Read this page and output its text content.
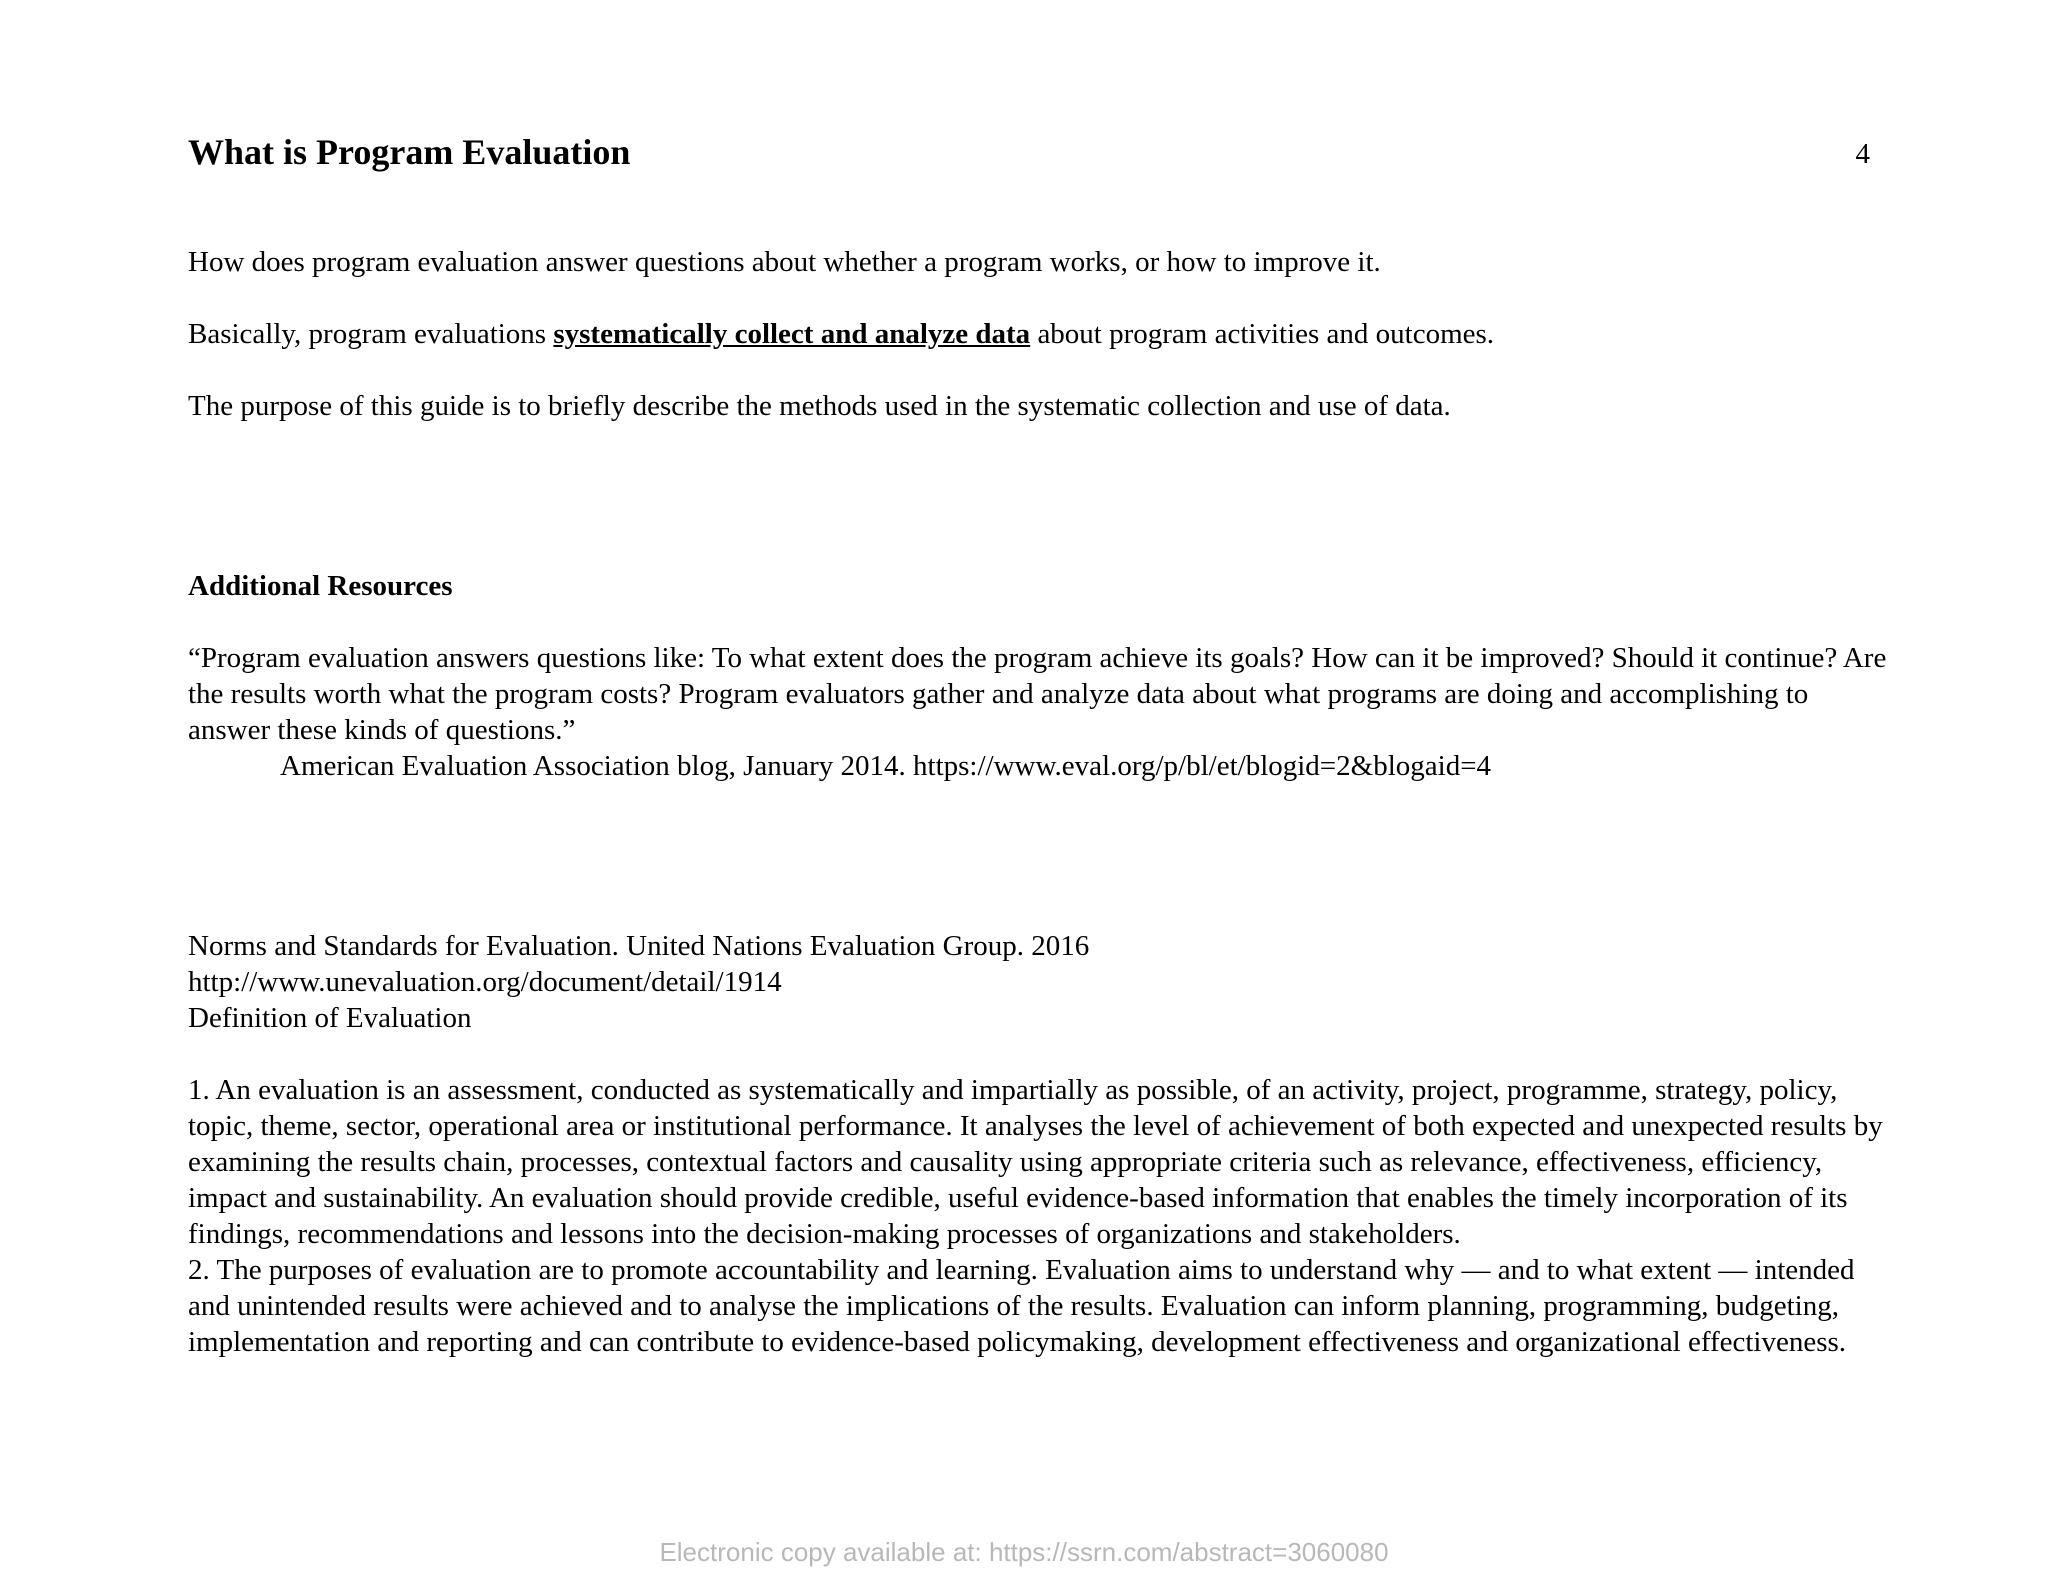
What is Program Evaluation	4

How does program evaluation answer questions about whether a program works, or how to improve it.

Basically, program evaluations systematically collect and analyze data about program activities and outcomes.

The purpose of this guide is to briefly describe the methods used in the systematic collection and use of data.

Additional Resources

“Program evaluation answers questions like: To what extent does the program achieve its goals? How can it be improved? Should it continue? Are the results worth what the program costs? Program evaluators gather and analyze data about what programs are doing and accomplishing to answer these kinds of questions.”

American Evaluation Association blog, January 2014. https://www.eval.org/p/bl/et/blogid=2&blogaid=4

Norms and Standards for Evaluation. United Nations Evaluation Group. 2016

http://www.unevaluation.org/document/detail/1914

Definition of Evaluation

1. An evaluation is an assessment, conducted as systematically and impartially as possible, of an activity, project, programme, strategy, policy, topic, theme, sector, operational area or institutional performance. It analyses the level of achievement of both expected and unexpected results by examining the results chain, processes, contextual factors and causality using appropriate criteria such as relevance, effectiveness, efficiency, impact and sustainability. An evaluation should provide credible, useful evidence-based information that enables the timely incorporation of its findings, recommendations and lessons into the decision-making processes of organizations and stakeholders.

2. The purposes of evaluation are to promote accountability and learning. Evaluation aims to understand why — and to what extent — intended and unintended results were achieved and to analyse the implications of the results. Evaluation can inform planning, programming, budgeting, implementation and reporting and can contribute to evidence-based policymaking, development effectiveness and organizational effectiveness.

Electronic copy available at: https://ssrn.com/abstract=3060080
